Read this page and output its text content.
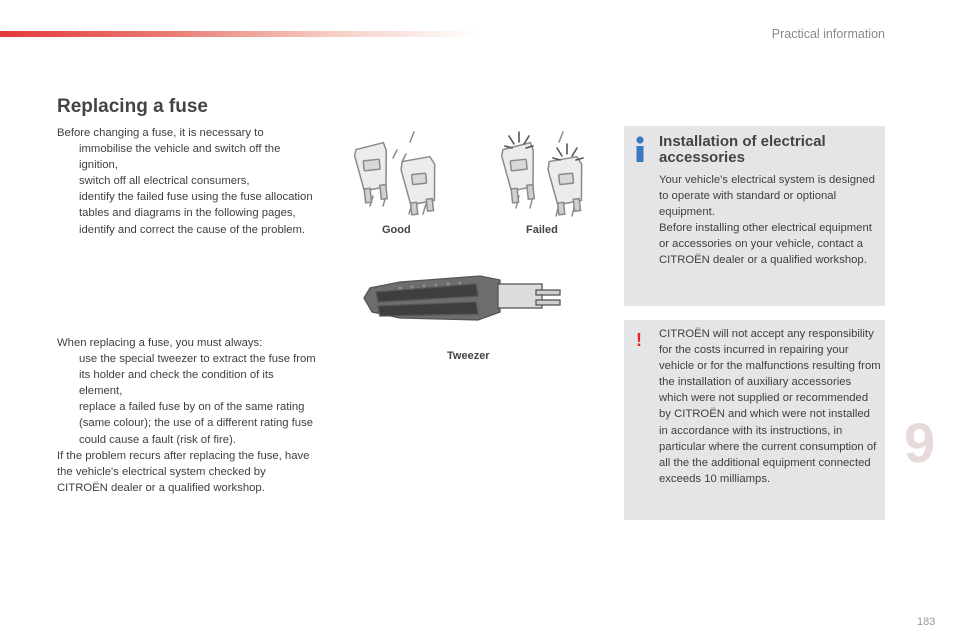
Practical information
Replacing a fuse

Before changing a fuse, it is necessary to

immobilise the vehicle and switch off the ignition,
switch off all electrical consumers,
identify the failed fuse using the fuse allocation tables and diagrams in the following pages,
identify and correct the cause of the problem.

When replacing a fuse, you must always:

use the special tweezer to extract the fuse from its holder and check the condition of its element,
replace a failed fuse by on of the same rating (same colour); the use of a different rating fuse could cause a fault (risk of fire).

If the problem recurs after replacing the fuse, have the vehicle's electrical system checked by CITROËN dealer or a qualified workshop.

Good	Failed
Tweezer
Installation of electrical accessories

Your vehicle's electrical system is designed to operate with standard or optional equipment.

Before installing other electrical equipment or accessories on your vehicle, contact a CITROËN dealer or a qualified workshop.

! CITROËN will not accept any responsibility for the costs incurred in repairing your vehicle or for the malfunctions resulting from the installation of auxiliary accessories which were not supplied or recommended by CITROËN and which were not installed in accordance with its instructions, in particular where the current consumption of all the the additional equipment connected exceeds 10 milliamps.

9
183
